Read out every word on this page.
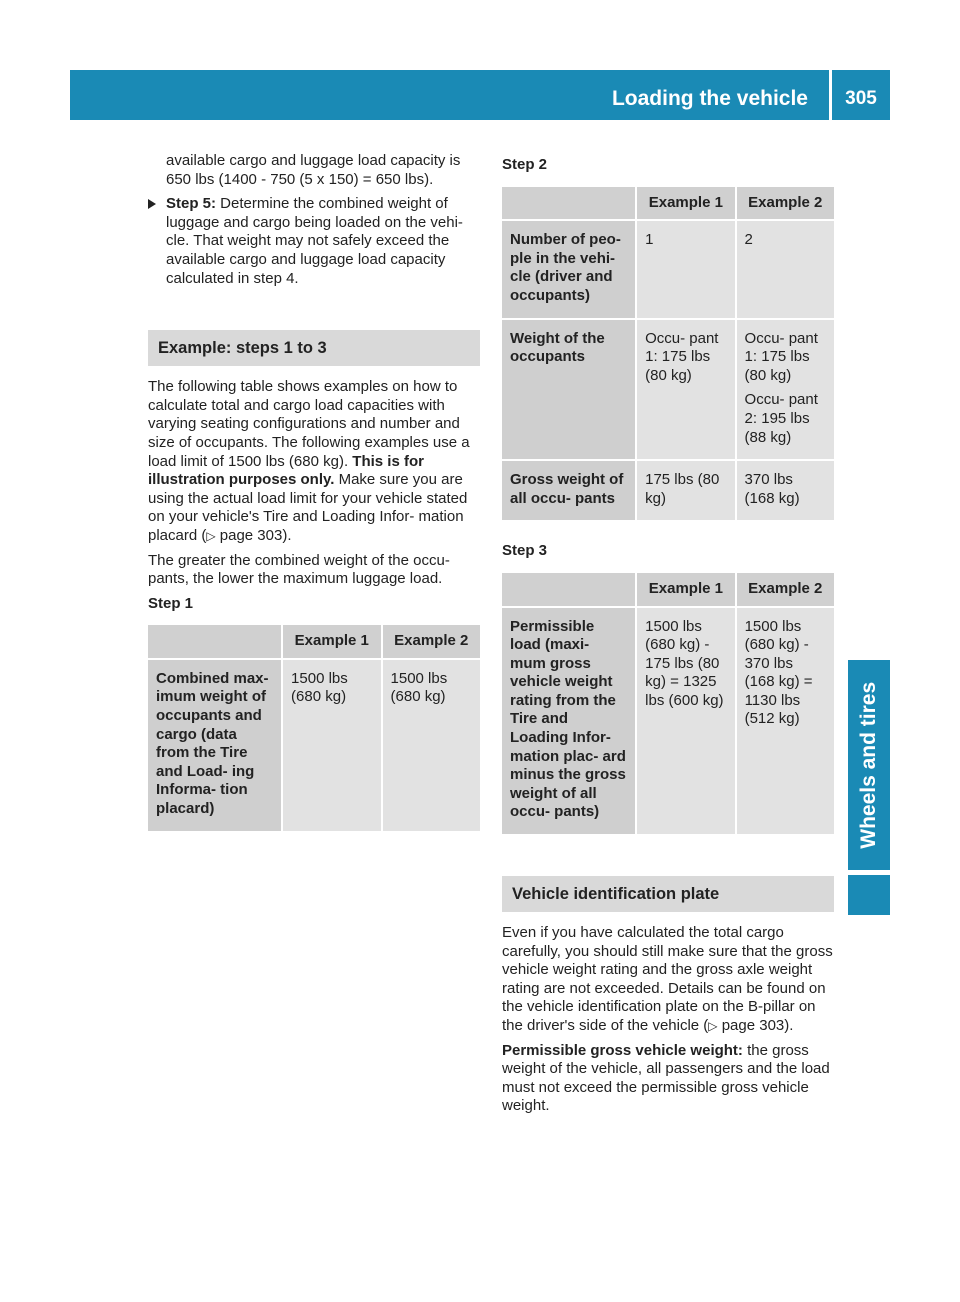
Loading the vehicle	305
Wheels and tires

available cargo and luggage load capacity is 650 lbs (1400 - 750 (5 x 150) = 650 lbs).

Step 5: Determine the combined weight of luggage and cargo being loaded on the vehi- cle. That weight may not safely exceed the available cargo and luggage load capacity calculated in step 4.
Example: steps 1 to 3

The following table shows examples on how to calculate total and cargo load capacities with varying seating configurations and number and size of occupants. The following examples use a load limit of 1500 lbs (680 kg). This is for illustration purposes only. Make sure you are using the actual load limit for your vehicle stated on your vehicle's Tire and Loading Infor- mation placard (▷ page 303).

The greater the combined weight of the occu- pants, the lower the maximum luggage load.

Step 1
	Example 1	Example 2
Combined max- imum weight of occupants and cargo (data from the Tire and Load- ing Informa- tion placard)	1500 lbs (680 kg)	1500 lbs (680 kg)
Step 2
	Example 1	Example 2
Number of peo- ple in the vehi- cle (driver and occupants)	1	2
Weight of the occupants	Occu- pant 1: 175 lbs (80 kg)	Occu- pant 1: 175 lbs (80 kg)
Occu- pant 2: 195 lbs (88 kg)

Gross weight of all occu- pants	175 lbs (80 kg)	370 lbs (168 kg)
Step 3
	Example 1	Example 2
Permissible load (maxi- mum gross vehicle weight rating from the Tire and Loading Infor- mation plac- ard minus the gross weight of all occu- pants)	1500 lbs (680 kg) - 175 lbs (80 kg) = 1325 lbs (600 kg)	1500 lbs (680 kg) - 370 lbs (168 kg) = 1130 lbs (512 kg)
Vehicle identification plate

Even if you have calculated the total cargo carefully, you should still make sure that the gross vehicle weight rating and the gross axle weight rating are not exceeded. Details can be found on the vehicle identification plate on the B-pillar on the driver's side of the vehicle (▷ page 303).

Permissible gross vehicle weight: the gross weight of the vehicle, all passengers and the load must not exceed the permissible gross vehicle weight.
